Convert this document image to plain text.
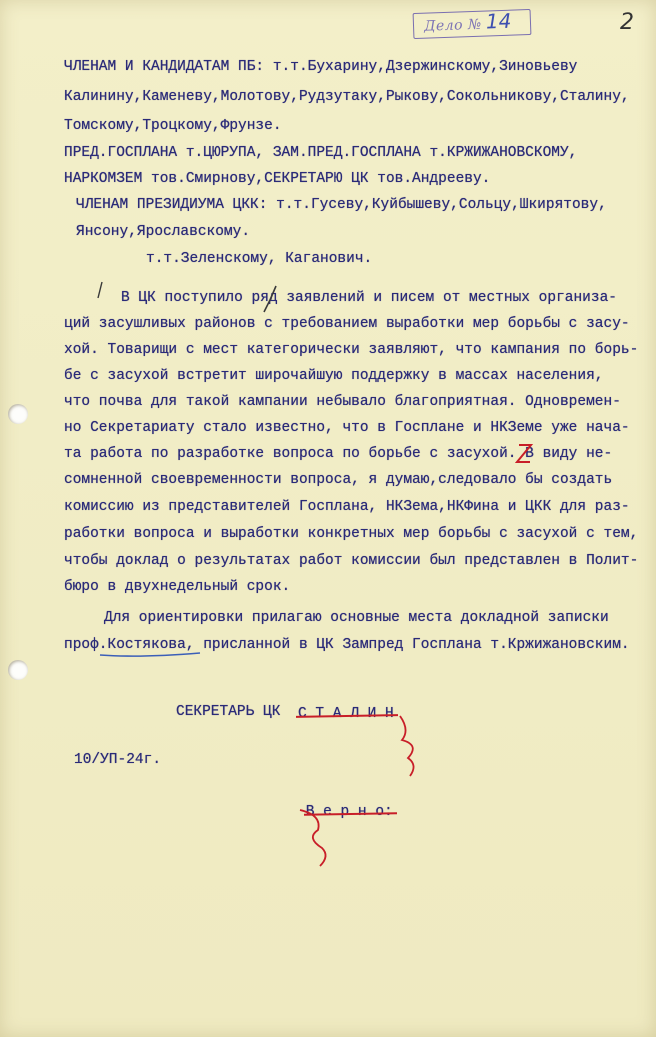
Дело № 14	2
ЧЛЕНАМ И КАНДИДАТАМ ПБ: т.т.Бухарину,Дзержинскому,Зиновьеву
Калинину,Каменеву,Молотову,Рудзутаку,Рыкову,Сокольникову,Сталину,
Томскому,Троцкому,Фрунзе.
ПРЕД.ГОСПЛАНА т.ЦЮРУПА, ЗАМ.ПРЕД.ГОСПЛАНА т.КРЖИЖАНОВСКОМУ,
НАРКОМЗЕМ тов.Смирнову,СЕКРЕТАРЮ ЦК тов.Андрееву.
ЧЛЕНАМ ПРЕЗИДИУМА ЦКК: т.т.Гусеву,Куйбышеву,Сольцу,Шкирятову,
Янсону,Ярославскому.
т.т.Зеленскому, Каганович.
В ЦК поступило ряд заявлений и писем от местных организа-
ций засушливых районов с требованием выработки мер борьбы с засу-
хой. Товарищи с мест категорически заявляют, что кампания по борь-
бе с засухой встретит широчайшую поддержку в массах населения,
что почва для такой кампании небывало благоприятная. Одновремен-
но Секретариату стало известно, что в Госплане и НКЗеме уже нача-
та работа по разработке вопроса по борьбе с засухой. В виду не-
сомненной своевременности вопроса, я думаю,следовало бы создать
комиссию из представителей Госплана, НКЗема,НКФина и ЦКК для раз-
работки вопроса и выработки конкретных мер борьбы с засухой с тем,
чтобы доклад о результатах работ комиссии был представлен в Полит-
бюро в двухнедельный срок.
Для ориентировки прилагаю основные места докладной записки
проф.Костякова, присланной в ЦК Зампред Госплана т.Кржижановским.
СЕКРЕТАРЬ ЦК С Т А Л И Н
10/УП-24г.
В е р н о:
